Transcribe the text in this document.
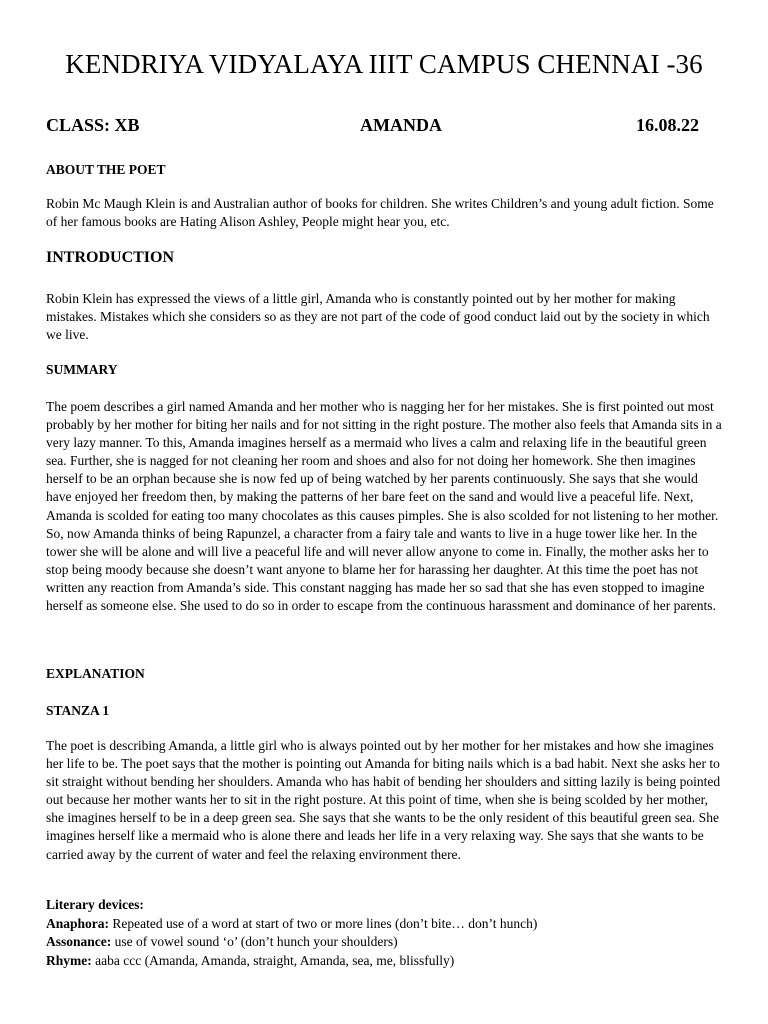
KENDRIYA VIDYALAYA IIIT CAMPUS CHENNAI -36
CLASS: XB	AMANDA	16.08.22
ABOUT THE POET
Robin Mc Maugh Klein is and Australian author of books for children. She writes Children’s and young adult fiction. Some of her famous books are Hating Alison Ashley, People might hear you, etc.
INTRODUCTION
Robin Klein has expressed the views of a little girl, Amanda who is constantly pointed out by her mother for making mistakes. Mistakes which she considers so as they are not part of the code of good conduct laid out by the society in which we live.
SUMMARY
The poem describes a girl named Amanda and her mother who is nagging her for her mistakes. She is first pointed out most probably by her mother for biting her nails and for not sitting in the right posture. The mother also feels that Amanda sits in a very lazy manner. To this, Amanda imagines herself as a mermaid who lives a calm and relaxing life in the beautiful green sea. Further, she is nagged for not cleaning her room and shoes and also for not doing her homework. She then imagines herself to be an orphan because she is now fed up of being watched by her parents continuously. She says that she would have enjoyed her freedom then, by making the patterns of her bare feet on the sand and would live a peaceful life. Next, Amanda is scolded for eating too many chocolates as this causes pimples. She is also scolded for not listening to her mother. So, now Amanda thinks of being Rapunzel, a character from a fairy tale and wants to live in a huge tower like her. In the tower she will be alone and will live a peaceful life and will never allow anyone to come in. Finally, the mother asks her to stop being moody because she doesn’t want anyone to blame her for harassing her daughter. At this time the poet has not written any reaction from Amanda’s side. This constant nagging has made her so sad that she has even stopped to imagine herself as someone else. She used to do so in order to escape from the continuous harassment and dominance of her parents.
EXPLANATION
STANZA 1
The poet is describing Amanda, a little girl who is always pointed out by her mother for her mistakes and how she imagines her life to be. The poet says that the mother is pointing out Amanda for biting nails which is a bad habit. Next she asks her to sit straight without bending her shoulders. Amanda who has habit of bending her shoulders and sitting lazily is being pointed out because her mother wants her to sit in the right posture. At this point of time, when she is being scolded by her mother, she imagines herself to be in a deep green sea. She says that she wants to be the only resident of this beautiful green sea. She imagines herself like a mermaid who is alone there and leads her life in a very relaxing way. She says that she wants to be carried away by the current of water and feel the relaxing environment there.
Literary devices:
Anaphora: Repeated use of a word at start of two or more lines (don’t bite… don’t hunch)
Assonance: use of vowel sound ‘o’ (don’t hunch your shoulders)
Rhyme: aaba ccc (Amanda, Amanda, straight, Amanda, sea, me, blissfully)
